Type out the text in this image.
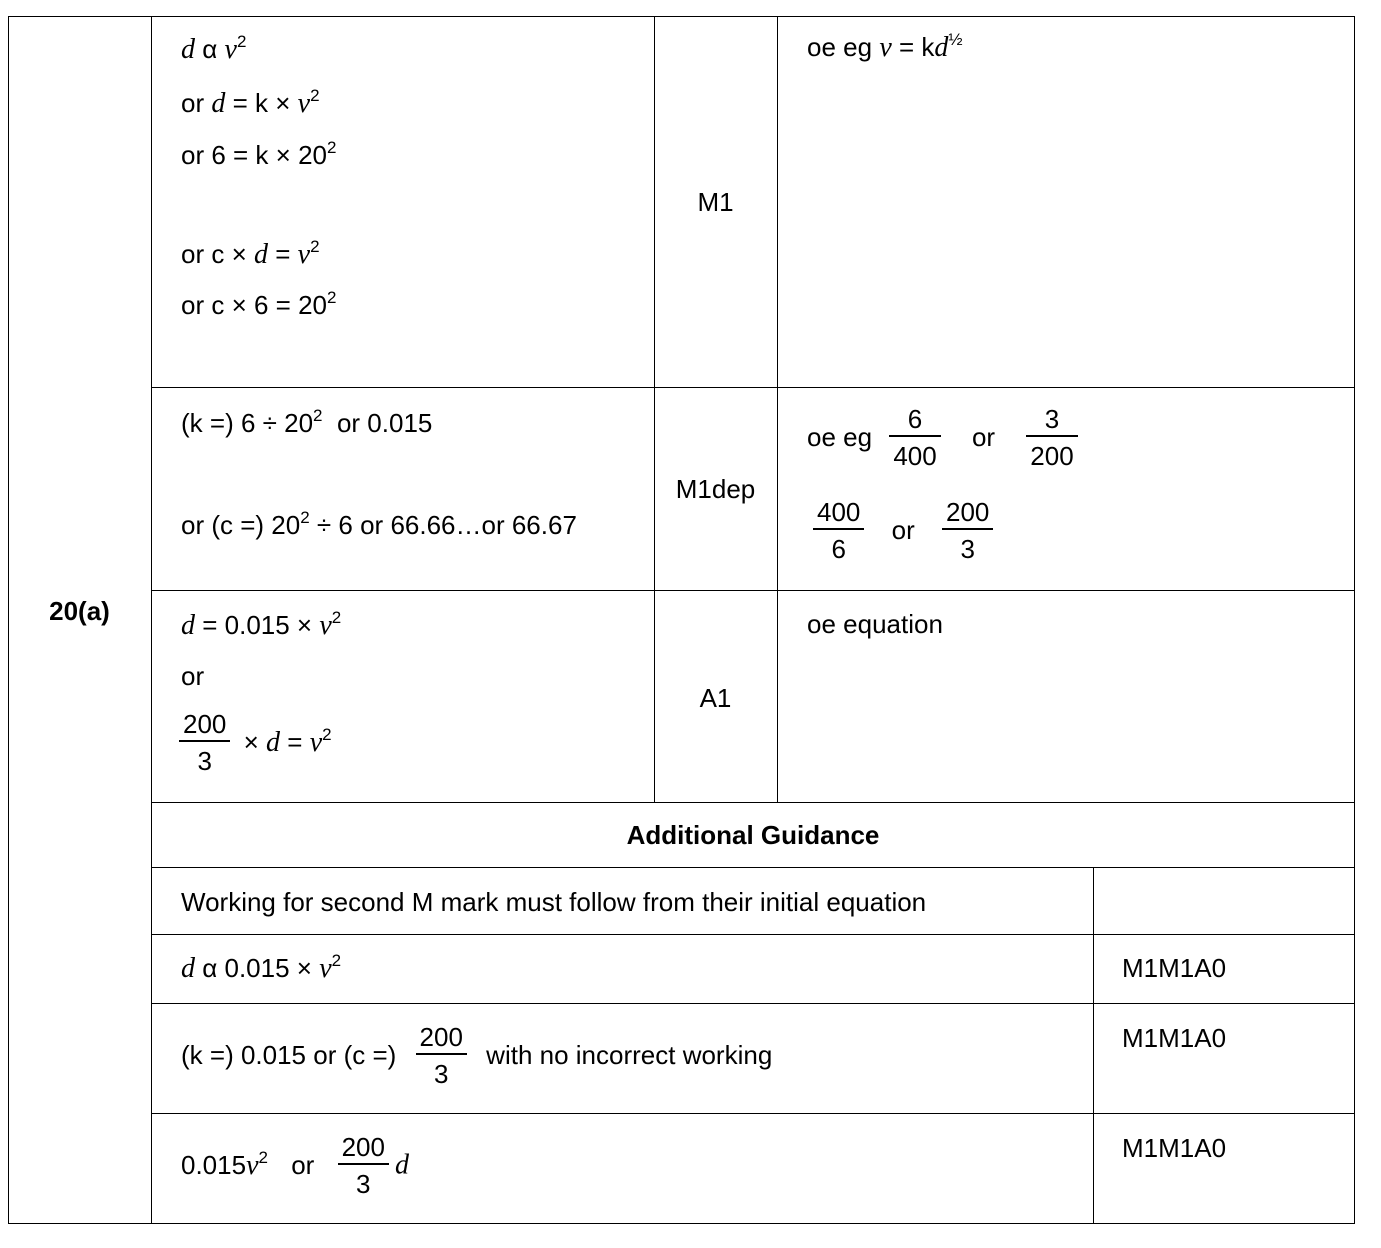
20(a)
d α $v^2$
or $d = k \times v^2$
or $6 = k \times 20^2$
or $c \times d = v^2$
or $c \times 6 = 20^2$
M1
oe eg $v = kd^{\frac{1}{2}}$
(k =) $6 \div 20^2$ or 0.015
or (c =) $20^2 \div 6$ or 66.66…or 66.67
M1dep
oe eg $\frac{6}{400}$ or $\frac{3}{200}$
$\frac{400}{6}$ or $\frac{200}{3}$
$d = 0.015 \times v^2$
or
$\frac{200}{3} \times d = v^2$
A1
oe equation
Additional Guidance
Working for second M mark must follow from their initial equation
d α $0.015 \times v^2$	M1M1A0
(k =) 0.015 or (c =) $\frac{200}{3}$ with no incorrect working
M1M1A0
$0.015v^2$ or $\frac{200}{3}$ d
M1M1A0
